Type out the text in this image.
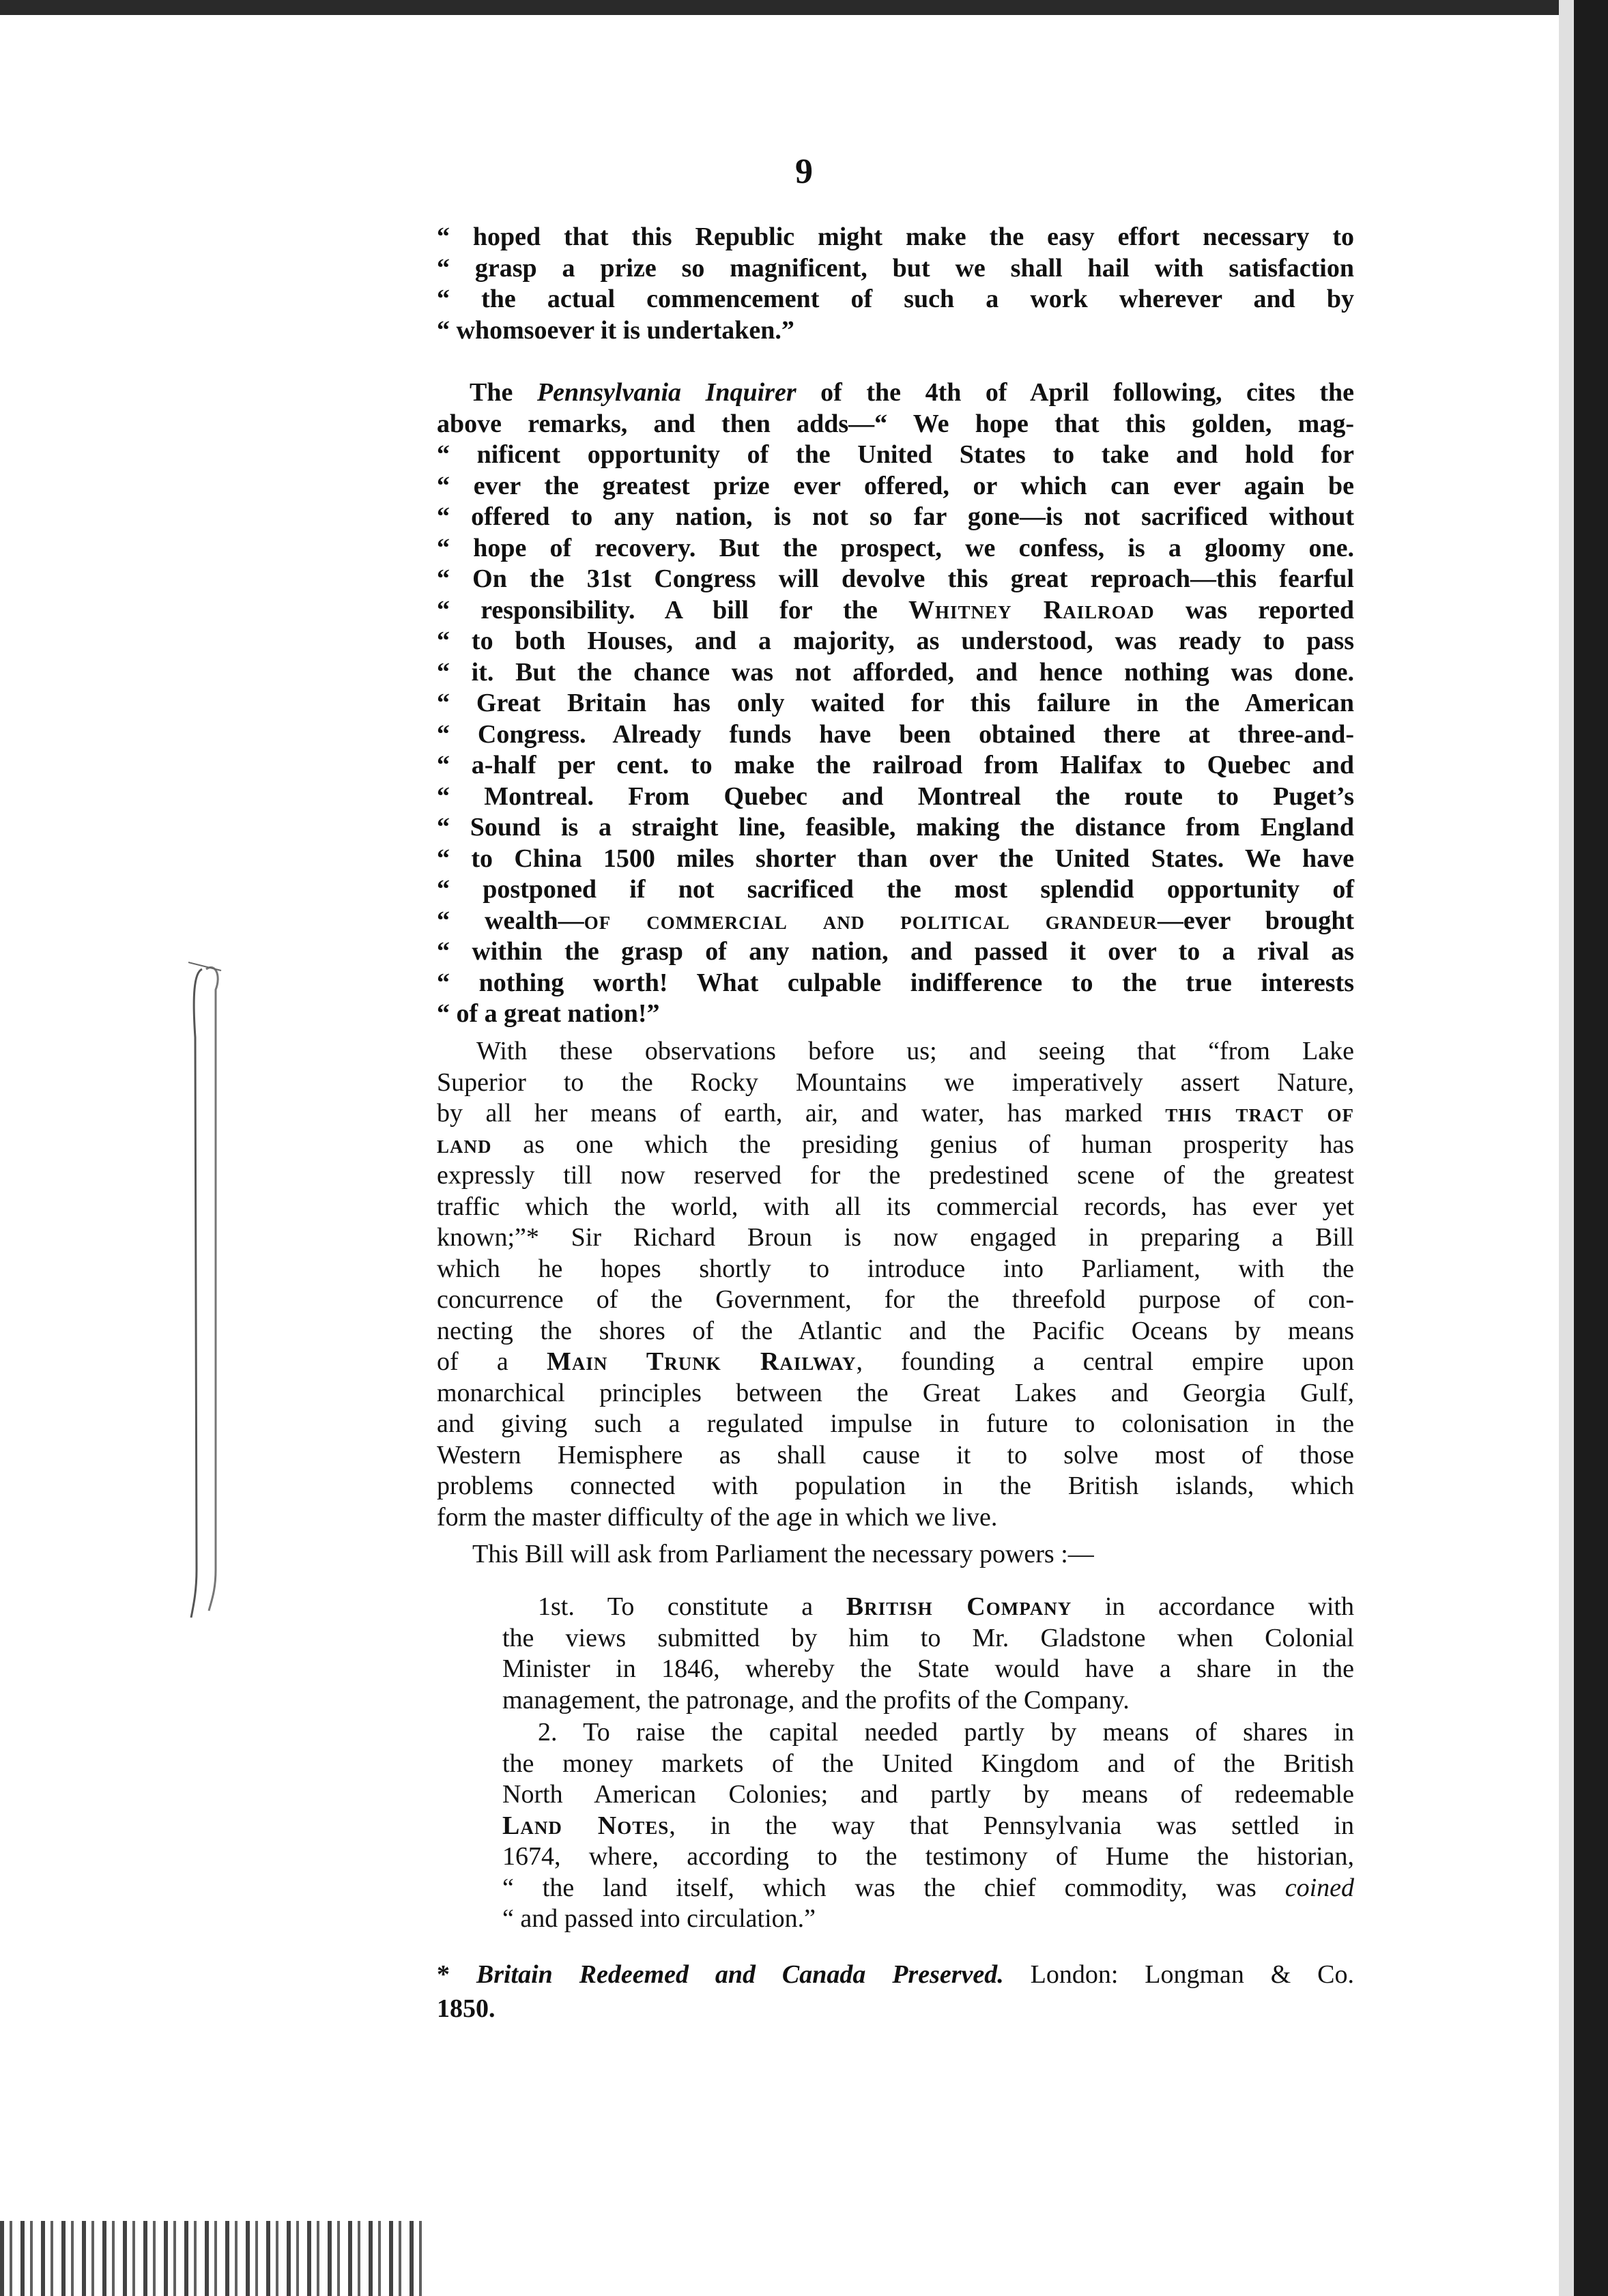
9
“ hoped that this Republic might make the easy effort necessary to
“ grasp a prize so magnificent, but we shall hail with satisfaction
“ the actual commencement of such a work wherever and by
“ whomsoever it is undertaken.”
The Pennsylvania Inquirer of the 4th of April following, cites the
above remarks, and then adds—“ We hope that this golden, mag-
“ nificent opportunity of the United States to take and hold for
“ ever the greatest prize ever offered, or which can ever again be
“ offered to any nation, is not so far gone—is not sacrificed without
“ hope of recovery. But the prospect, we confess, is a gloomy one.
“ On the 31st Congress will devolve this great reproach—this fearful
“ responsibility. A bill for the Whitney Railroad was reported
“ to both Houses, and a majority, as understood, was ready to pass
“ it. But the chance was not afforded, and hence nothing was done.
“ Great Britain has only waited for this failure in the American
“ Congress. Already funds have been obtained there at three-and-
“ a-half per cent. to make the railroad from Halifax to Quebec and
“ Montreal. From Quebec and Montreal the route to Puget’s
“ Sound is a straight line, feasible, making the distance from England
“ to China 1500 miles shorter than over the United States. We have
“ postponed if not sacrificed the most splendid opportunity of
“ wealth—of commercial and political grandeur—ever brought
“ within the grasp of any nation, and passed it over to a rival as
“ nothing worth! What culpable indifference to the true interests
“ of a great nation!”
With these observations before us; and seeing that “from Lake
Superior to the Rocky Mountains we imperatively assert Nature,
by all her means of earth, air, and water, has marked this tract of
land as one which the presiding genius of human prosperity has
expressly till now reserved for the predestined scene of the greatest
traffic which the world, with all its commercial records, has ever yet
known;”* Sir Richard Broun is now engaged in preparing a Bill
which he hopes shortly to introduce into Parliament, with the
concurrence of the Government, for the threefold purpose of con-
necting the shores of the Atlantic and the Pacific Oceans by means
of a Main Trunk Railway, founding a central empire upon
monarchical principles between the Great Lakes and Georgia Gulf,
and giving such a regulated impulse in future to colonisation in the
Western Hemisphere as shall cause it to solve most of those
problems connected with population in the British islands, which
form the master difficulty of the age in which we live.
This Bill will ask from Parliament the necessary powers :—
1st. To constitute a British Company in accordance with
the views submitted by him to Mr. Gladstone when Colonial
Minister in 1846, whereby the State would have a share in the
management, the patronage, and the profits of the Company.
2. To raise the capital needed partly by means of shares in
the money markets of the United Kingdom and of the British
North American Colonies; and partly by means of redeemable
Land Notes, in the way that Pennsylvania was settled in
1674, where, according to the testimony of Hume the historian,
“ the land itself, which was the chief commodity, was coined
“ and passed into circulation.”
* Britain Redeemed and Canada Preserved. London: Longman & Co.
1850.
